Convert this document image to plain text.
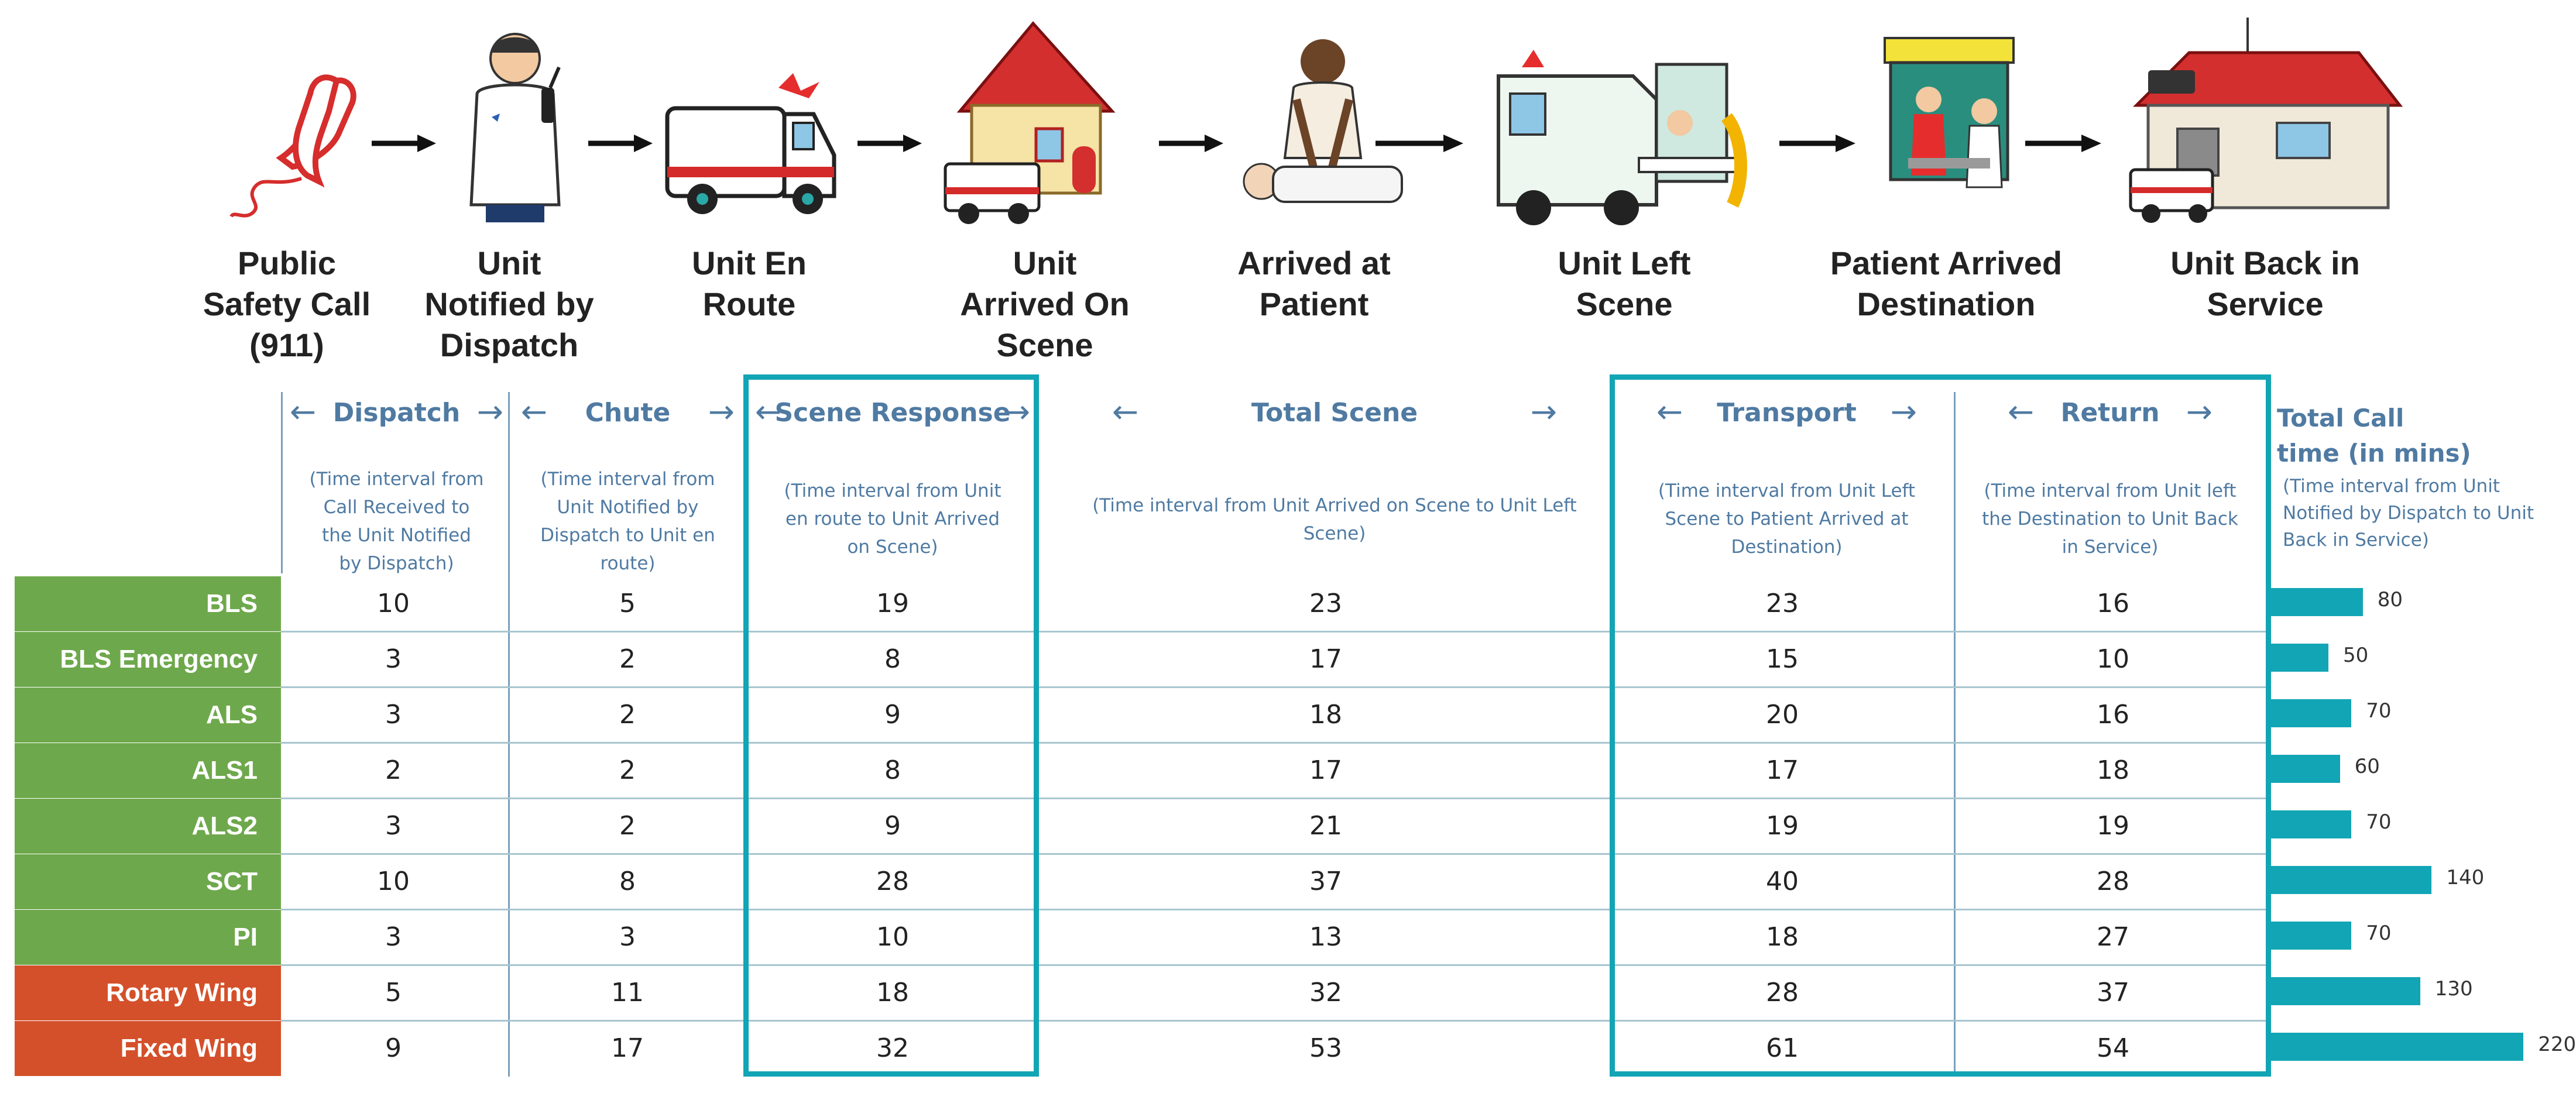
Public
Safety Call
(911)
Unit
Notified by
Dispatch
Unit En
Route
Unit
Arrived On
Scene
Arrived at
Patient
Unit Left
Scene
Patient Arrived
Destination
Unit Back in
Service
← Dispatch →
(Time interval from
Call Received to
the Unit Notified
by Dispatch)
← Chute →
(Time interval from
Unit Notified by
Dispatch to Unit en
route)
←
Scene Response
→
(Time interval from Unit
en route to Unit Arrived
on Scene)
←	Total Scene	→
(Time interval from Unit Arrived on Scene to Unit Left
Scene)
← Transport →
(Time interval from Unit Left
Scene to Patient Arrived at
Destination)
← Return →
(Time interval from Unit left
the Destination to Unit Back
in Service)
Total Call
time (in mins)
(Time interval from Unit
Notified by Dispatch to Unit
Back in Service)
BLS	10	5	19	23	23	16	80
BLS Emergency	3	2	8	17	15	10	50
ALS	3	2	9	18	20	16	70
ALS1	2	2	8	17	17	18	60
ALS2	3	2	9	21	19	19	70
SCT	10	8	28	37	40	28	140
PI	3	3	10	13	18	27	70
Rotary Wing	5	11	18	32	28	37	130
Fixed Wing	9	17	32	53	61	54	220
